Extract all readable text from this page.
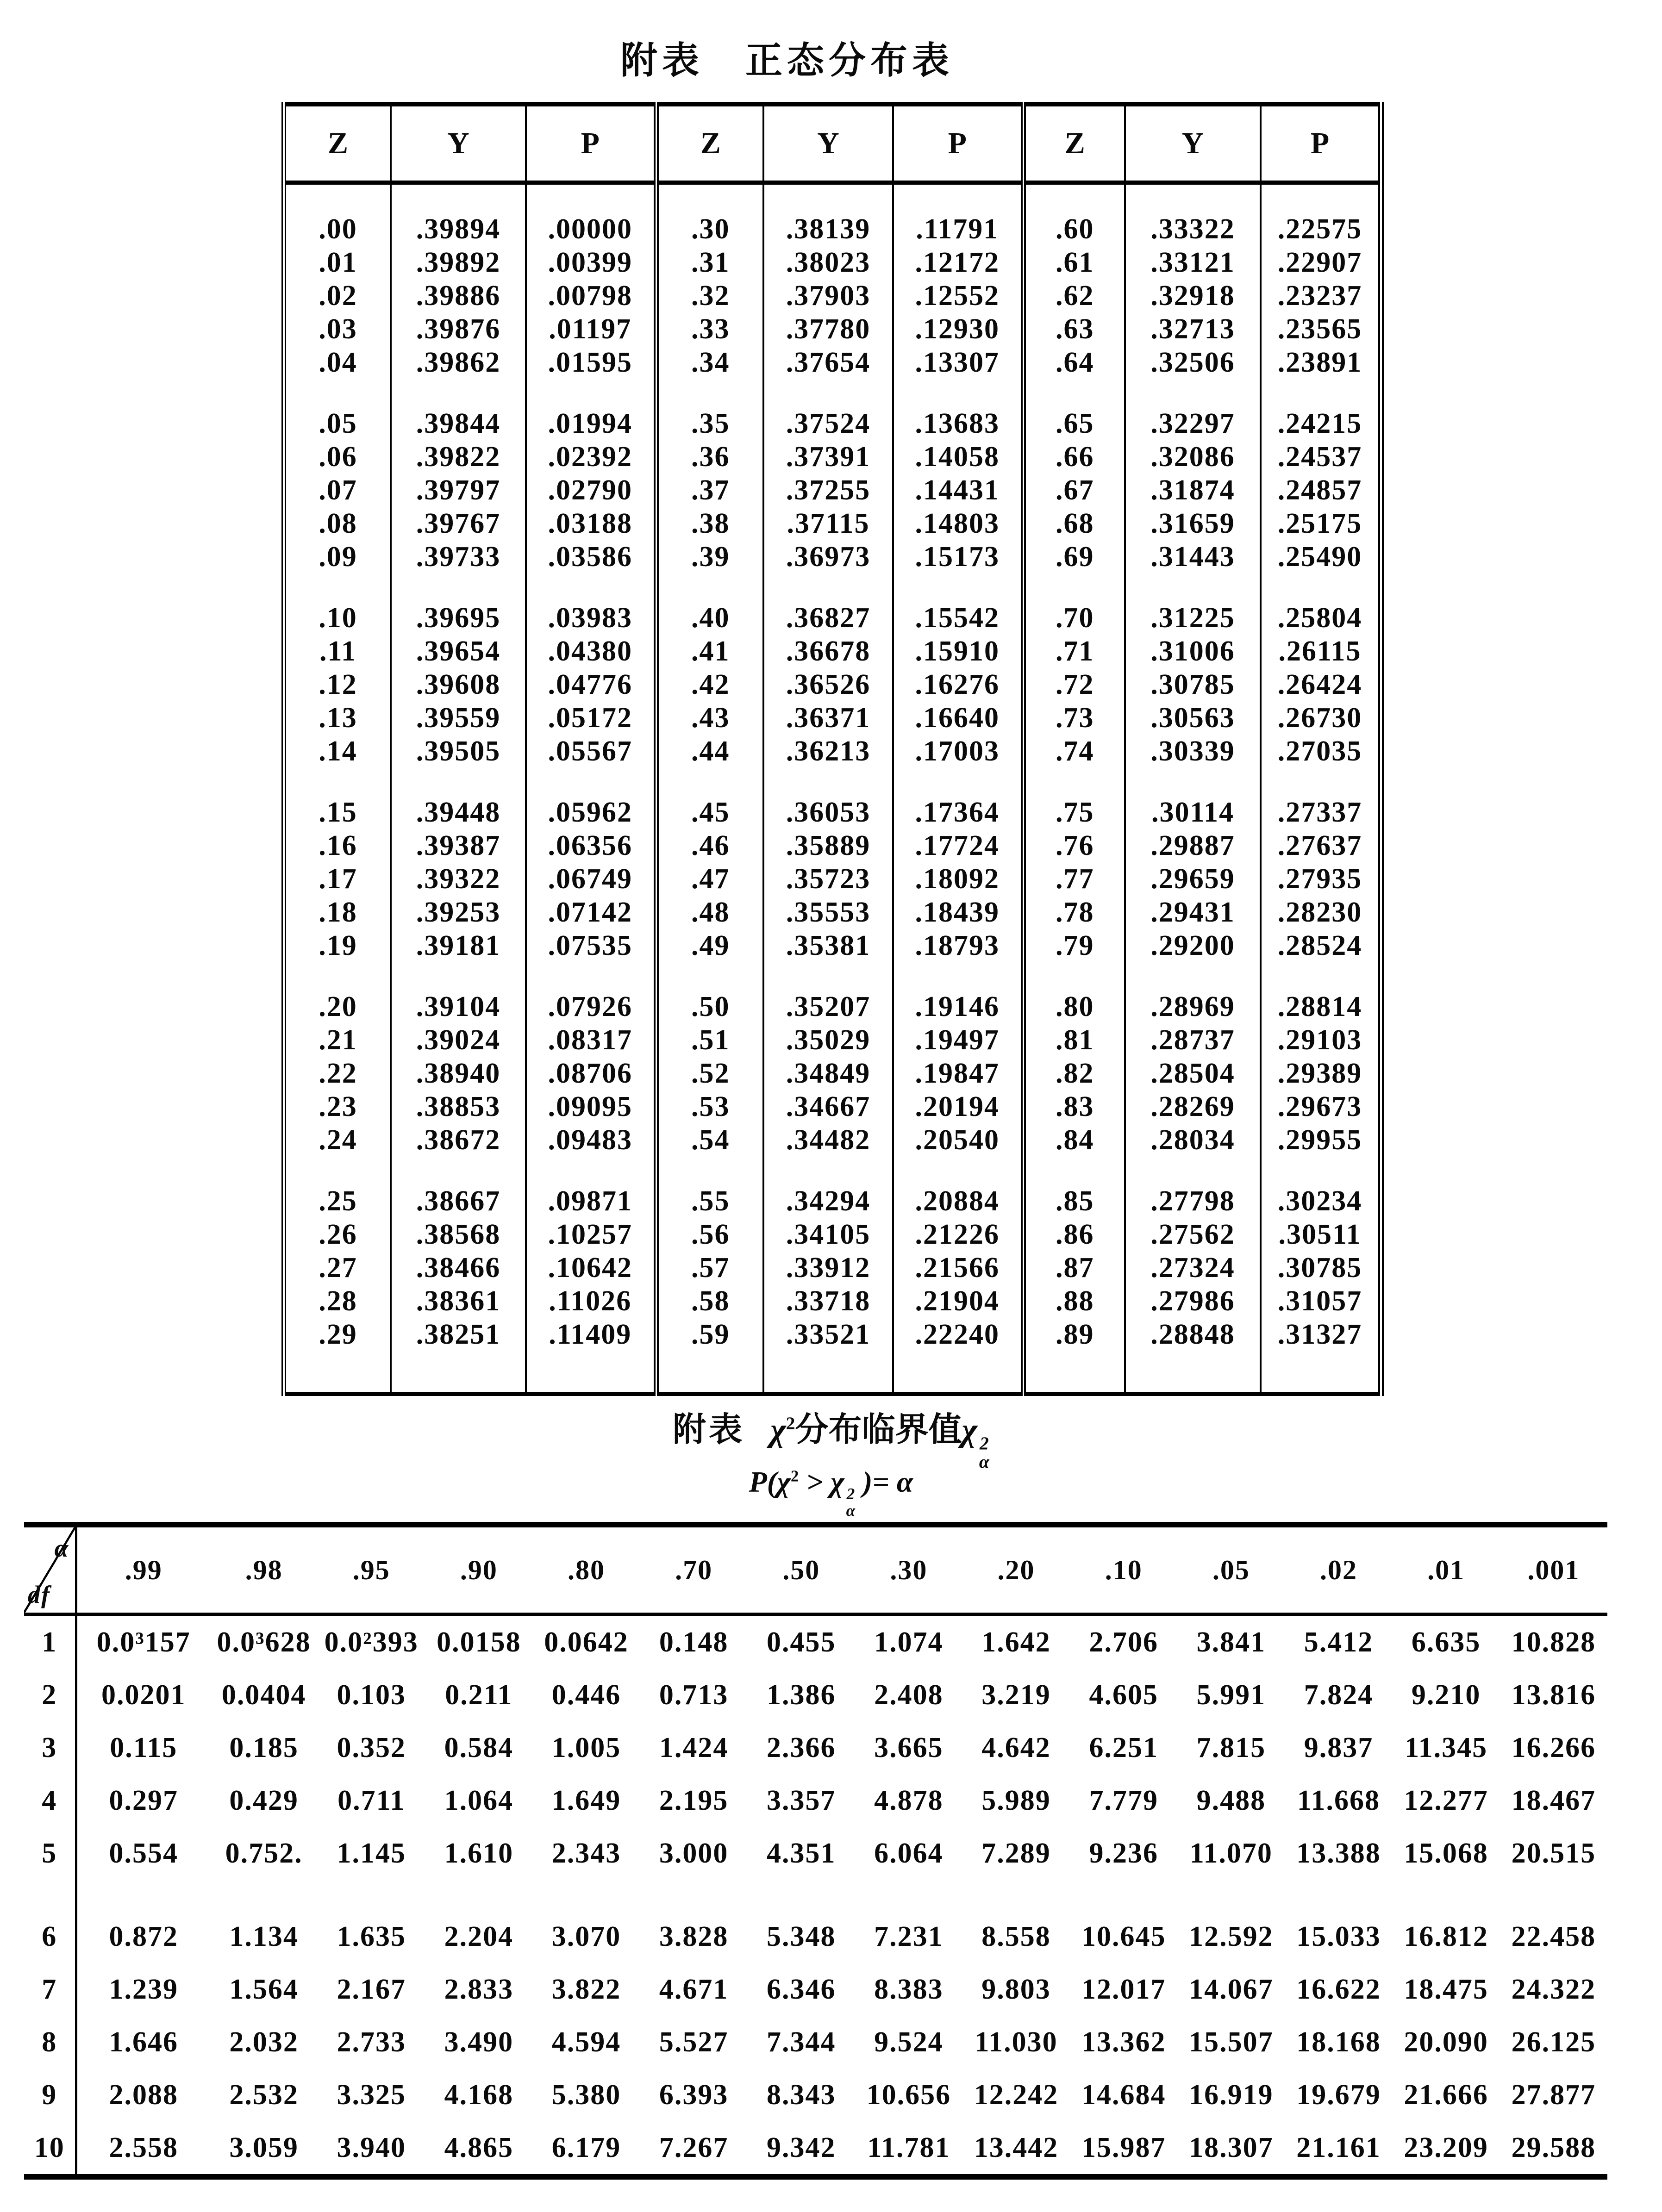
附表　正态分布表
Z	Y	P	Z	Y	P	Z	Y	P

.00	.39894	.00000	.30	.38139	.11791	.60	.33322	.22575
.01	.39892	.00399	.31	.38023	.12172	.61	.33121	.22907
.02	.39886	.00798	.32	.37903	.12552	.62	.32918	.23237
.03	.39876	.01197	.33	.37780	.12930	.63	.32713	.23565
.04	.39862	.01595	.34	.37654	.13307	.64	.32506	.23891

.05	.39844	.01994	.35	.37524	.13683	.65	.32297	.24215
.06	.39822	.02392	.36	.37391	.14058	.66	.32086	.24537
.07	.39797	.02790	.37	.37255	.14431	.67	.31874	.24857
.08	.39767	.03188	.38	.37115	.14803	.68	.31659	.25175
.09	.39733	.03586	.39	.36973	.15173	.69	.31443	.25490

.10	.39695	.03983	.40	.36827	.15542	.70	.31225	.25804
.11	.39654	.04380	.41	.36678	.15910	.71	.31006	.26115
.12	.39608	.04776	.42	.36526	.16276	.72	.30785	.26424
.13	.39559	.05172	.43	.36371	.16640	.73	.30563	.26730
.14	.39505	.05567	.44	.36213	.17003	.74	.30339	.27035

.15	.39448	.05962	.45	.36053	.17364	.75	.30114	.27337
.16	.39387	.06356	.46	.35889	.17724	.76	.29887	.27637
.17	.39322	.06749	.47	.35723	.18092	.77	.29659	.27935
.18	.39253	.07142	.48	.35553	.18439	.78	.29431	.28230
.19	.39181	.07535	.49	.35381	.18793	.79	.29200	.28524

.20	.39104	.07926	.50	.35207	.19146	.80	.28969	.28814
.21	.39024	.08317	.51	.35029	.19497	.81	.28737	.29103
.22	.38940	.08706	.52	.34849	.19847	.82	.28504	.29389
.23	.38853	.09095	.53	.34667	.20194	.83	.28269	.29673
.24	.38672	.09483	.54	.34482	.20540	.84	.28034	.29955

.25	.38667	.09871	.55	.34294	.20884	.85	.27798	.30234
.26	.38568	.10257	.56	.34105	.21226	.86	.27562	.30511
.27	.38466	.10642	.57	.33912	.21566	.87	.27324	.30785
.28	.38361	.11026	.58	.33718	.21904	.88	.27986	.31057
.29	.38251	.11409	.59	.33521	.22240	.89	.28848	.31327

附表 $\chi^2$分布临界值χ 2
α
$P(\chi^2 > \chi$ 2
α
)= α
α
df	.99	.98	.95	.90	.80	.70	.50	.30	.20	.10	.05	.02	.01	.001
1	0.0³157	0.0³628	0.0²393	0.0158	0.0642	0.148	0.455	1.074	1.642	2.706	3.841	5.412	6.635	10.828
2	0.0201	0.0404	0.103	0.211	0.446	0.713	1.386	2.408	3.219	4.605	5.991	7.824	9.210	13.816
3	0.115	0.185	0.352	0.584	1.005	1.424	2.366	3.665	4.642	6.251	7.815	9.837	11.345	16.266
4	0.297	0.429	0.711	1.064	1.649	2.195	3.357	4.878	5.989	7.779	9.488	11.668	12.277	18.467
5	0.554	0.752.	1.145	1.610	2.343	3.000	4.351	6.064	7.289	9.236	11.070	13.388	15.068	20.515

6	0.872	1.134	1.635	2.204	3.070	3.828	5.348	7.231	8.558	10.645	12.592	15.033	16.812	22.458
7	1.239	1.564	2.167	2.833	3.822	4.671	6.346	8.383	9.803	12.017	14.067	16.622	18.475	24.322
8	1.646	2.032	2.733	3.490	4.594	5.527	7.344	9.524	11.030	13.362	15.507	18.168	20.090	26.125
9	2.088	2.532	3.325	4.168	5.380	6.393	8.343	10.656	12.242	14.684	16.919	19.679	21.666	27.877
10	2.558	3.059	3.940	4.865	6.179	7.267	9.342	11.781	13.442	15.987	18.307	21.161	23.209	29.588
